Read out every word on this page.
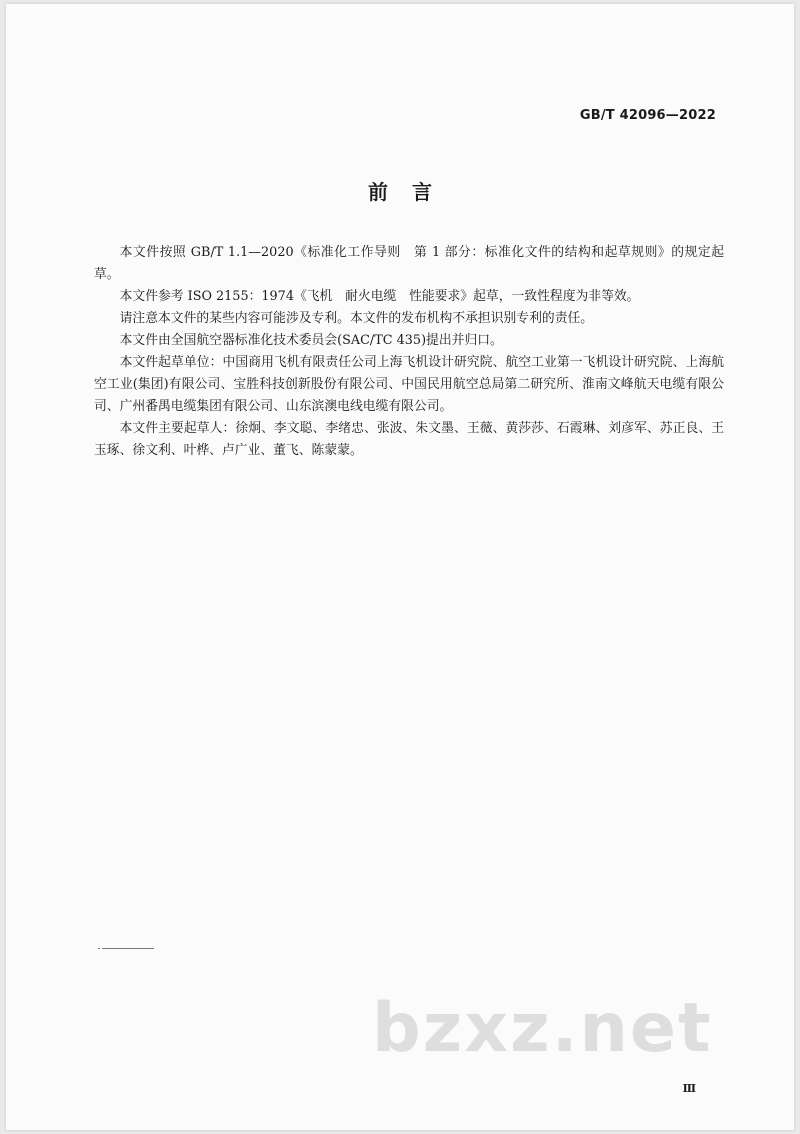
GB/T 42096—2022
前言

本文件按照 GB/T 1.1—2020《标准化工作导则　第 1 部分：标准化文件的结构和起草规则》的规定起草。

本文件参考 ISO 2155：1974《飞机　耐火电缆　性能要求》起草，一致性程度为非等效。

请注意本文件的某些内容可能涉及专利。本文件的发布机构不承担识别专利的责任。

本文件由全国航空器标准化技术委员会(SAC/TC 435)提出并归口。

本文件起草单位：中国商用飞机有限责任公司上海飞机设计研究院、航空工业第一飞机设计研究院、上海航空工业(集团)有限公司、宝胜科技创新股份有限公司、中国民用航空总局第二研究所、淮南文峰航天电缆有限公司、广州番禺电缆集团有限公司、山东滨澳电线电缆有限公司。

本文件主要起草人：徐炯、李文聪、李绪忠、张波、朱文墨、王薇、黄莎莎、石霞琳、刘彦军、苏正良、王玉琢、徐文利、叶桦、卢广业、董飞、陈蒙蒙。

bzxz.net
Ⅲ
